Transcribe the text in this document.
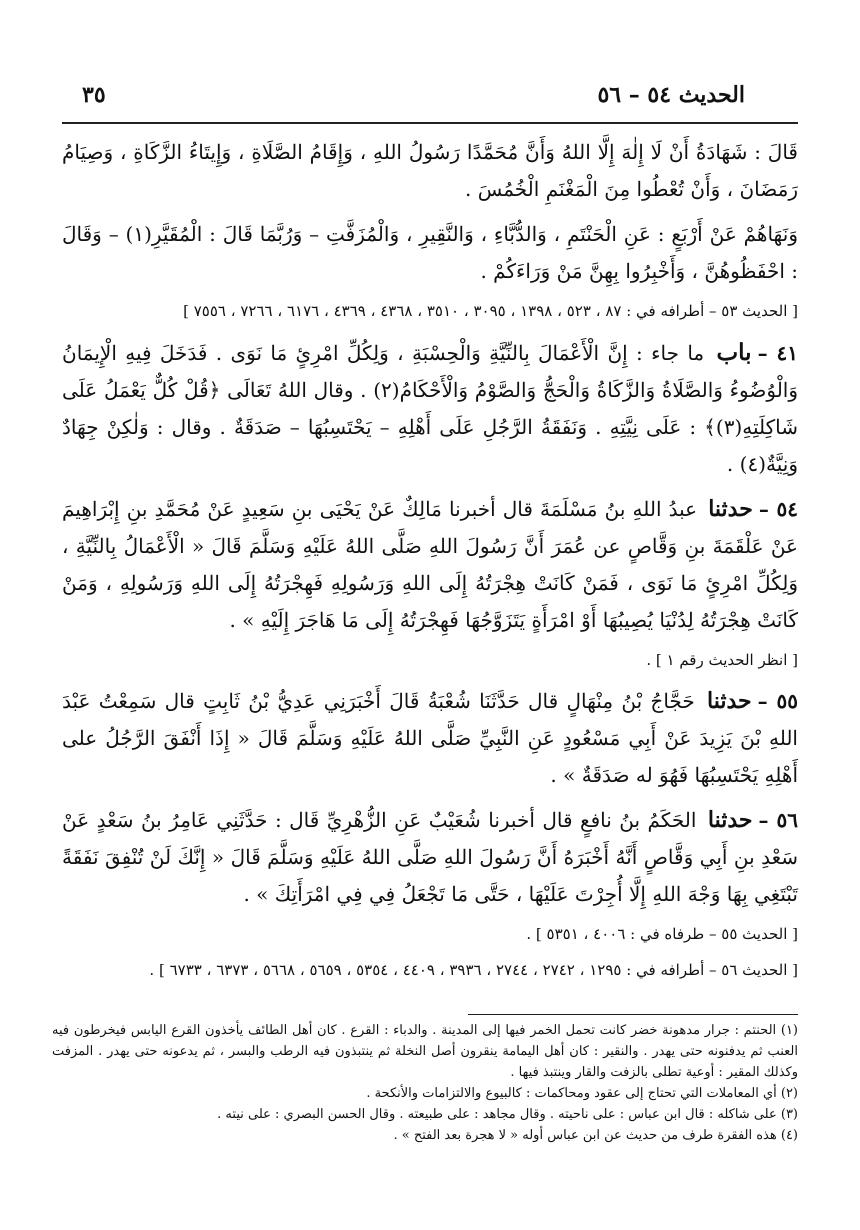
الحديث ٥٤ – ٥٦
٣٥

قَالَ : شَهَادَةُ أَنْ لَا إِلٰهَ إِلَّا اللهُ وَأَنَّ مُحَمَّدًا رَسُولُ اللهِ ، وَإِقَامُ الصَّلَاةِ ، وَإِيتَاءُ الزَّكَاةِ ، وَصِيَامُ رَمَضَانَ ، وَأَنْ تُعْطُوا مِنَ الْمَغْنَمِ الْخُمُسَ .

وَنَهَاهُمْ عَنْ أَرْبَعٍ : عَنِ الْحَنْتَمِ ، وَالدُّبَّاءِ ، وَالنَّقِيرِ ، وَالْمُزَفَّتِ – وَرُبَّمَا قَالَ : الْمُقَيَّرِ(١) – وَقَالَ : احْفَظُوهُنَّ ، وَأَخْبِرُوا بِهِنَّ مَنْ وَرَاءَكُمْ .

[ الحديث ٥٣ – أطرافه في : ٨٧ ، ٥٢٣ ، ١٣٩٨ ، ٣٠٩٥ ، ٣٥١٠ ، ٤٣٦٨ ، ٤٣٦٩ ، ٦١٧٦ ، ٧٢٦٦ ، ٧٥٥٦ ]

٤١ –باب ما جاء : إِنَّ الْأَعْمَالَ بِالنِّيَّةِ وَالْحِسْبَةِ ، وَلِكُلِّ امْرِئٍ مَا نَوَى . فَدَخَلَ فِيهِ الْإِيمَانُ وَالْوُضُوءُ وَالصَّلَاةُ وَالزَّكَاةُ وَالْحَجُّ وَالصَّوْمُ وَالْأَحْكَامُ(٢) . وقال اللهُ تَعَالَى ﴿قُلْ كُلٌّ يَعْمَلُ عَلَى شَاكِلَتِهِ(٣)﴾ : عَلَى نِيَّتِهِ . وَنَفَقَةُ الرَّجُلِ عَلَى أَهْلِهِ – يَحْتَسِبُهَا – صَدَقَةٌ . وقال : وَلٰكِنْ جِهَادٌ وَنِيَّةٌ(٤) .

٥٤ –حدثنا عبدُ اللهِ بنُ مَسْلَمَةَ قال أخبرنا مَالِكٌ عَنْ يَحْيَى بنِ سَعِيدٍ عَنْ مُحَمَّدِ بنِ إِبْرَاهِيمَ عَنْ عَلْقَمَةَ بنِ وَقَّاصٍ عن عُمَرَ أَنَّ رَسُولَ اللهِ صَلَّى اللهُ عَلَيْهِ وَسَلَّمَ قَالَ « الْأَعْمَالُ بِالنِّيَّةِ ، وَلِكُلِّ امْرِئٍ مَا نَوَى ، فَمَنْ كَانَتْ هِجْرَتُهُ إِلَى اللهِ وَرَسُولِهِ فَهِجْرَتُهُ إِلَى اللهِ وَرَسُولِهِ ، وَمَنْ كَانَتْ هِجْرَتُهُ لِدُنْيَا يُصِيبُهَا أَوْ امْرَأَةٍ يَتَزَوَّجُهَا فَهِجْرَتُهُ إِلَى مَا هَاجَرَ إِلَيْهِ » .

[ انظر الحديث رقم ١ ] .

٥٥ –حدثنا حَجَّاجُ بْنُ مِنْهَالٍ قال حَدَّثَنَا شُعْبَةُ قَالَ أَخْبَرَنِي عَدِيُّ بْنُ ثَابِتٍ قال سَمِعْتُ عَبْدَ اللهِ بْنَ يَزِيدَ عَنْ أَبِي مَسْعُودٍ عَنِ النَّبِيِّ صَلَّى اللهُ عَلَيْهِ وَسَلَّمَ قَالَ « إِذَا أَنْفَقَ الرَّجُلُ على أَهْلِهِ يَحْتَسِبُهَا فَهُوَ له صَدَقَةٌ » .

٥٦ –حدثنا الحَكَمُ بنُ نافعٍ قال أخبرنا شُعَيْبٌ عَنِ الزُّهْرِيِّ قَال : حَدَّثَنِي عَامِرُ بنُ سَعْدٍ عَنْ سَعْدِ بنِ أَبِي وَقَّاصٍ أَنَّهُ أَخْبَرَهُ أَنَّ رَسُولَ اللهِ صَلَّى اللهُ عَلَيْهِ وَسَلَّمَ قَالَ « إِنَّكَ لَنْ تُنْفِقَ نَفَقَةً تَبْتَغِي بِهَا وَجْهَ اللهِ إِلَّا أُجِرْتَ عَلَيْهَا ، حَتَّى مَا تَجْعَلُ فِي فِي امْرَأَتِكَ » .

[ الحديث ٥٥ – طرفاه في : ٤٠٠٦ ، ٥٣٥١ ] .

[ الحديث ٥٦ – أطرافه في : ١٢٩٥ ، ٢٧٤٢ ، ٢٧٤٤ ، ٣٩٣٦ ، ٤٤٠٩ ، ٥٣٥٤ ، ٥٦٥٩ ، ٥٦٦٨ ، ٦٣٧٣ ، ٦٧٣٣ ] .

(١) الحنتم : جرار مدهونة خضر كانت تحمل الخمر فيها إلى المدينة . والدباء : القرع . كان أهل الطائف يأخذون القرع اليابس فيخرطون فيه العنب ثم يدفنونه حتى يهدر . والنقير : كان أهل اليمامة ينقرون أصل النخلة ثم ينتبذون فيه الرطب والبسر ، ثم يدعونه حتى يهدر . المزفت وكذلك المقير : أوعية تطلى بالزفت والقار وينتبذ فيها .

(٢) أي المعاملات التي تحتاج إلى عقود ومحاكمات : كالبيوع والالتزامات والأنكحة .

(٣) على شاكله : قال ابن عباس : على ناحيته . وقال مجاهد : على طبيعته . وقال الحسن البصري : على نيته .

(٤) هذه الفقرة طرف من حديث عن ابن عباس أوله « لا هجرة بعد الفتح » .
